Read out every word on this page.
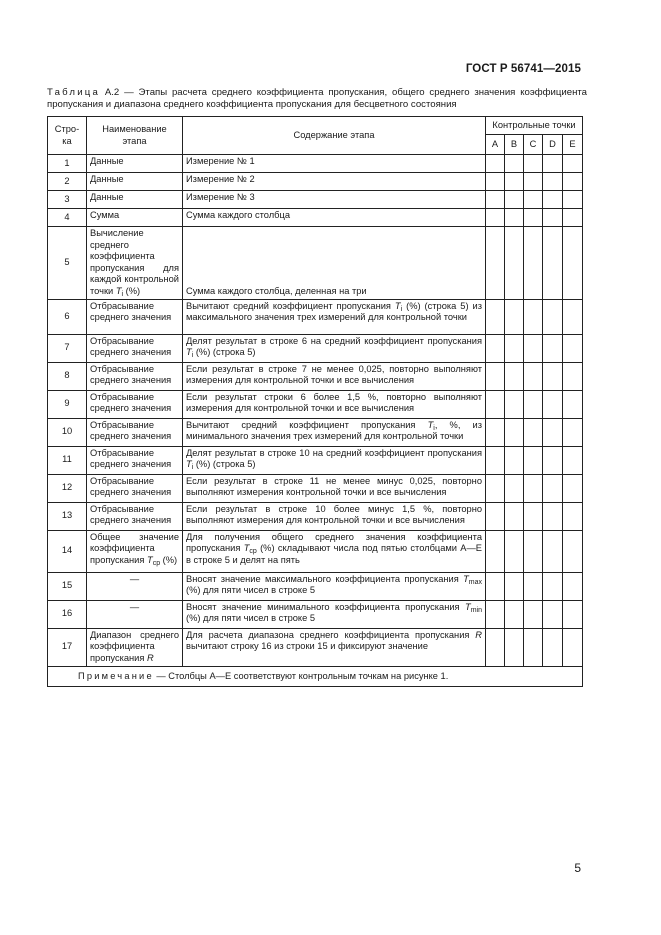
ГОСТ Р 56741—2015
Таблица А.2 — Этапы расчета среднего коэффициента пропускания, общего среднего значения коэффициента пропускания и диапазона среднего коэффициента пропускания для бесцветного состояния
Стро-ка	Наименование этапа	Содержание этапа	Контрольные точки				
			A	B	C	D	E
1	Данные	Измерение № 1					
2	Данные	Измерение № 2					
3	Данные	Измерение № 3					
4	Сумма	Сумма каждого столбца					
5	Вычисление среднего коэффициента пропускания для каждой контрольной точки $T_i$ (%)	Сумма каждого столбца, деленная на три					
6	Отбрасывание среднего значения	Вычитают средний коэффициент пропускания $T_i$ (%) (строка 5) из максимального значения трех измерений для контрольной точки					
7	Отбрасывание среднего значения	Делят результат в строке 6 на средний коэффициент пропускания $T_i$ (%) (строка 5)					
8	Отбрасывание среднего значения	Если результат в строке 7 не менее 0,025, повторно выполняют измерения для контрольной точки и все вычисления					
9	Отбрасывание среднего значения	Если результат строки 6 более 1,5 %, повторно выполняют измерения для контрольной точки и все вычисления					
10	Отбрасывание среднего значения	Вычитают средний коэффициент пропускания $T_i$, %, из минимального значения трех измерений для контрольной точки					
11	Отбрасывание среднего значения	Делят результат в строке 10 на средний коэффициент пропускания $T_i$ (%) (строка 5)					
12	Отбрасывание среднего значения	Если результат в строке 11 не менее минус 0,025, повторно выполняют измерения контрольной точки и все вычисления					
13	Отбрасывание среднего значения	Если результат в строке 10 более минус 1,5 %, повторно выполняют измерения для контрольной точки и все вычисления					
14	Общее значение коэффициента пропускания $T_{ср}$ (%)	Для получения общего среднего значения коэффициента пропускания $T_{ср}$ (%) складывают числа под пятью столбцами А—Е в строке 5 и делят на пять					
15	—	Вносят значение максимального коэффициента пропускания $T_{max}$ (%) для пяти чисел в строке 5					
16	—	Вносят значение минимального коэффициента пропускания $T_{min}$ (%) для пяти чисел в строке 5					
17	Диапазон среднего коэффициента пропускания R	Для расчета диапазона среднего коэффициента пропускания R вычитают строку 16 из строки 15 и фиксируют значение					
Примечание — Столбцы А—Е соответствуют контрольным точкам на рисунке 1.							
5
